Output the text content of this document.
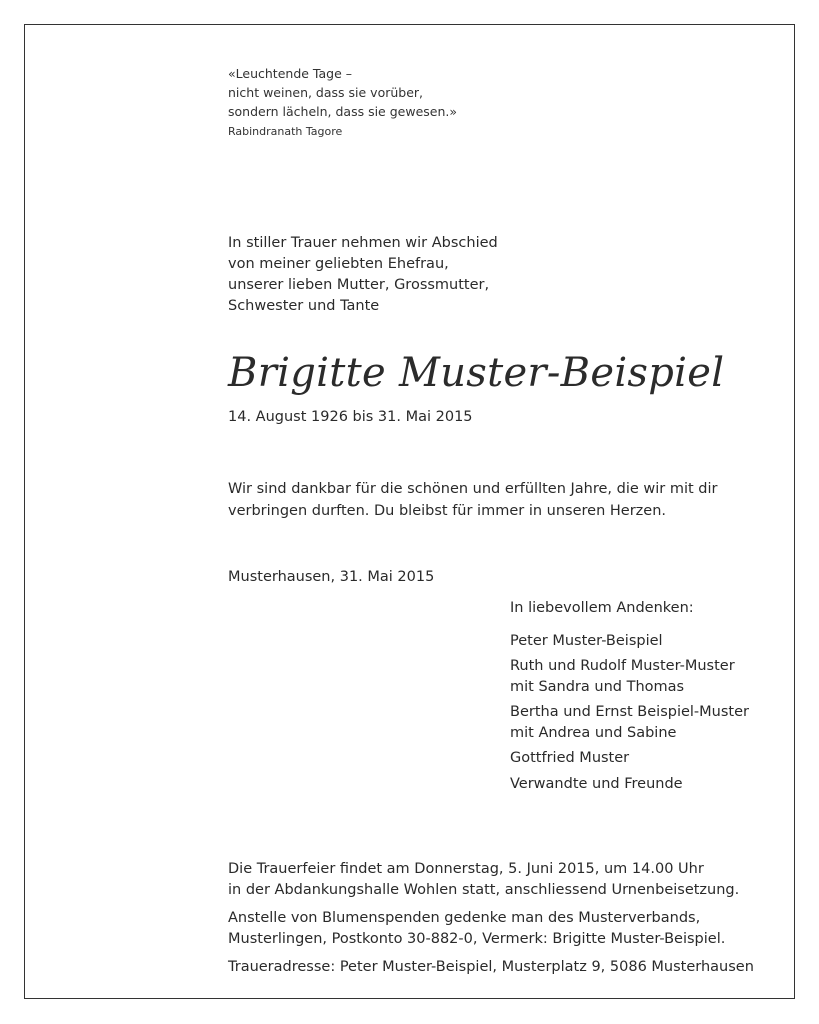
«Leuchtende Tage –
nicht weinen, dass sie vorüber,
sondern lächeln, dass sie gewesen.»
Rabindranath Tagore
In stiller Trauer nehmen wir Abschied
von meiner geliebten Ehefrau,
unserer lieben Mutter, Grossmutter,
Schwester und Tante
Brigitte Muster-Beispiel
14. August 1926 bis 31. Mai 2015
Wir sind dankbar für die schönen und erfüllten Jahre, die wir mit dir
verbringen durften. Du bleibst für immer in unseren Herzen.
Musterhausen, 31. Mai 2015
In liebevollem Andenken:
Peter Muster-Beispiel
Ruth und Rudolf Muster-Muster
mit Sandra und Thomas
Bertha und Ernst Beispiel-Muster
mit Andrea und Sabine
Gottfried Muster
Verwandte und Freunde
Die Trauerfeier findet am Donnerstag, 5. Juni 2015, um 14.00 Uhr
in der Abdankungshalle Wohlen statt, anschliessend Urnenbeisetzung.
Anstelle von Blumenspenden gedenke man des Musterverbands,
Musterlingen, Postkonto 30-882-0, Vermerk: Brigitte Muster-Beispiel.
Traueradresse: Peter Muster-Beispiel, Musterplatz 9, 5086 Musterhausen
